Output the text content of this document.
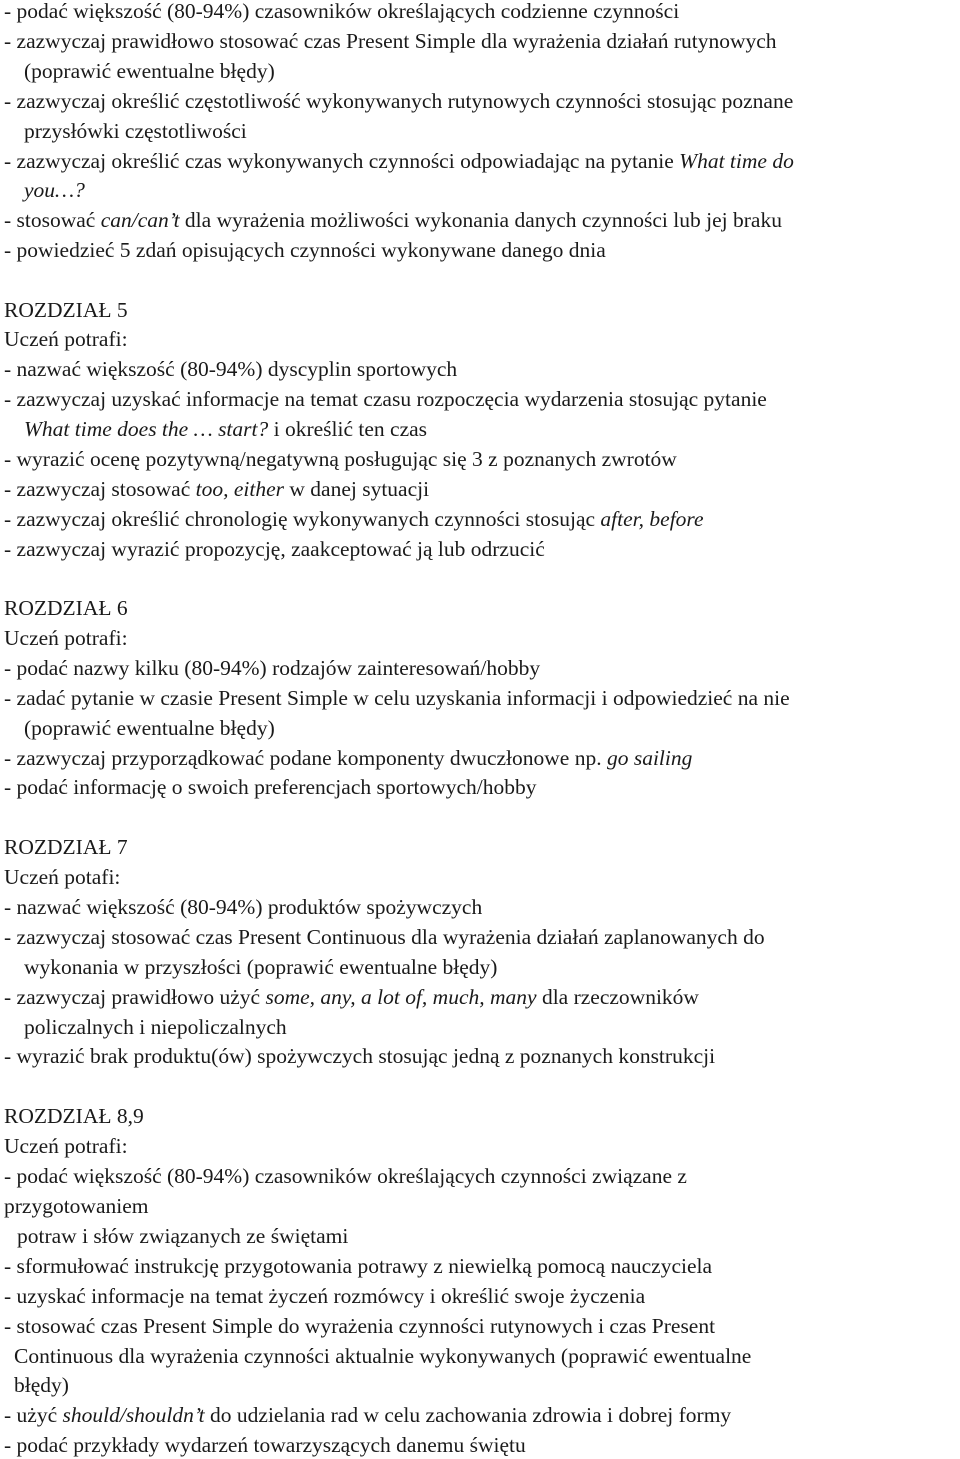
- podać większość (80-94%) czasowników określających codzienne czynności
- zazwyczaj prawidłowo stosować czas Present Simple dla wyrażenia działań rutynowych
(poprawić ewentualne błędy)
- zazwyczaj określić częstotliwość wykonywanych rutynowych czynności stosując poznane
przysłówki częstotliwości
- zazwyczaj określić czas wykonywanych czynności odpowiadając na pytanie What time do
you…?
- stosować can/can’t dla wyrażenia możliwości wykonania danych czynności lub jej braku
- powiedzieć 5 zdań opisujących czynności wykonywane danego dnia
ROZDZIAŁ 5
Uczeń potrafi:
- nazwać większość (80-94%) dyscyplin sportowych
- zazwyczaj uzyskać informacje na temat czasu rozpoczęcia wydarzenia stosując pytanie
What time does the … start? i określić ten czas
- wyrazić ocenę pozytywną/negatywną posługując się 3 z poznanych zwrotów
- zazwyczaj stosować too, either w danej sytuacji
- zazwyczaj określić chronologię wykonywanych czynności stosując after, before
- zazwyczaj wyrazić propozycję, zaakceptować ją lub odrzucić
ROZDZIAŁ 6
Uczeń potrafi:
- podać nazwy kilku (80-94%) rodzajów zainteresowań/hobby
- zadać pytanie w czasie Present Simple w celu uzyskania informacji i odpowiedzieć na nie
(poprawić ewentualne błędy)
- zazwyczaj przyporządkować podane komponenty dwuczłonowe np. go sailing
- podać informację o swoich preferencjach sportowych/hobby
ROZDZIAŁ 7
Uczeń potafi:
- nazwać większość (80-94%) produktów spożywczych
- zazwyczaj stosować czas Present Continuous dla wyrażenia działań zaplanowanych do
wykonania w przyszłości (poprawić ewentualne błędy)
- zazwyczaj prawidłowo użyć some, any, a lot of, much, many dla rzeczowników
policzalnych i niepoliczalnych
- wyrazić brak produktu(ów) spożywczych stosując jedną z poznanych konstrukcji
ROZDZIAŁ 8,9
Uczeń potrafi:
- podać większość (80-94%) czasowników określających czynności związane z
przygotowaniem
potraw i słów związanych ze świętami
- sformułować instrukcję przygotowania potrawy z niewielką pomocą nauczyciela
- uzyskać informacje na temat życzeń rozmówcy i określić swoje życzenia
- stosować czas Present Simple do wyrażenia czynności rutynowych i czas Present
Continuous dla wyrażenia czynności aktualnie wykonywanych (poprawić ewentualne
błędy)
- użyć should/shouldn’t do udzielania rad w celu zachowania zdrowia i dobrej formy
- podać przykłady wydarzeń towarzyszących danemu świętu
